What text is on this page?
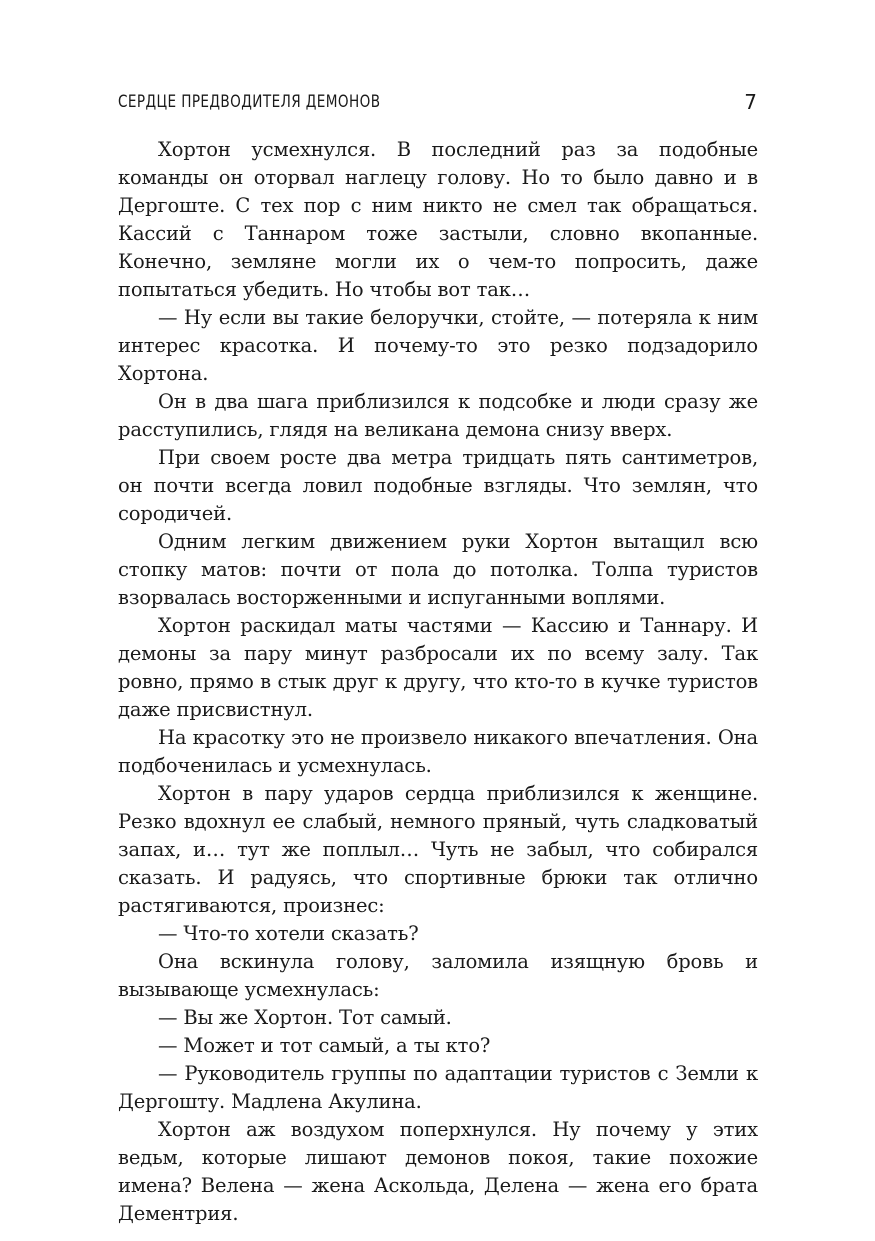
СЕРДЦЕ ПРЕДВОДИТЕЛЯ ДЕМОНОВ	7

Хортон усмехнулся. В последний раз за подобные команды он оторвал наглецу голову. Но то было давно и в Дергоште. С тех пор с ним никто не смел так обращаться. Кассий с Таннаром тоже застыли, словно вкопанные. Конечно, земляне могли их о чем-то попросить, даже попытаться убедить. Но чтобы вот так…

— Ну если вы такие белоручки, стойте, — потеряла к ним интерес красотка. И почему-то это резко подзадорило Хортона.

Он в два шага приблизился к подсобке и люди сразу же расступились, глядя на великана демона снизу вверх.

При своем росте два метра тридцать пять сантиметров, он почти всегда ловил подобные взгляды. Что землян, что сородичей.

Одним легким движением руки Хортон вытащил всю стопку матов: почти от пола до потолка. Толпа туристов взорвалась восторженными и испуганными воплями.

Хортон раскидал маты частями — Кассию и Таннару. И демоны за пару минут разбросали их по всему залу. Так ровно, прямо в стык друг к другу, что кто-то в кучке туристов даже присвистнул.

На красотку это не произвело никакого впечатления. Она подбоченилась и усмехнулась.

Хортон в пару ударов сердца приблизился к женщине. Резко вдохнул ее слабый, немного пряный, чуть сладковатый запах, и… тут же поплыл… Чуть не забыл, что собирался сказать. И радуясь, что спортивные брюки так отлично растягиваются, произнес:

— Что-то хотели сказать?

Она вскинула голову, заломила изящную бровь и вызывающе усмехнулась:

— Вы же Хортон. Тот самый.

— Может и тот самый, а ты кто?

— Руководитель группы по адаптации туристов с Земли к Дергошту. Мадлена Акулина.

Хортон аж воздухом поперхнулся. Ну почему у этих ведьм, которые лишают демонов покоя, такие похожие имена? Велена — жена Аскольда, Делена — жена его брата Дементрия.
